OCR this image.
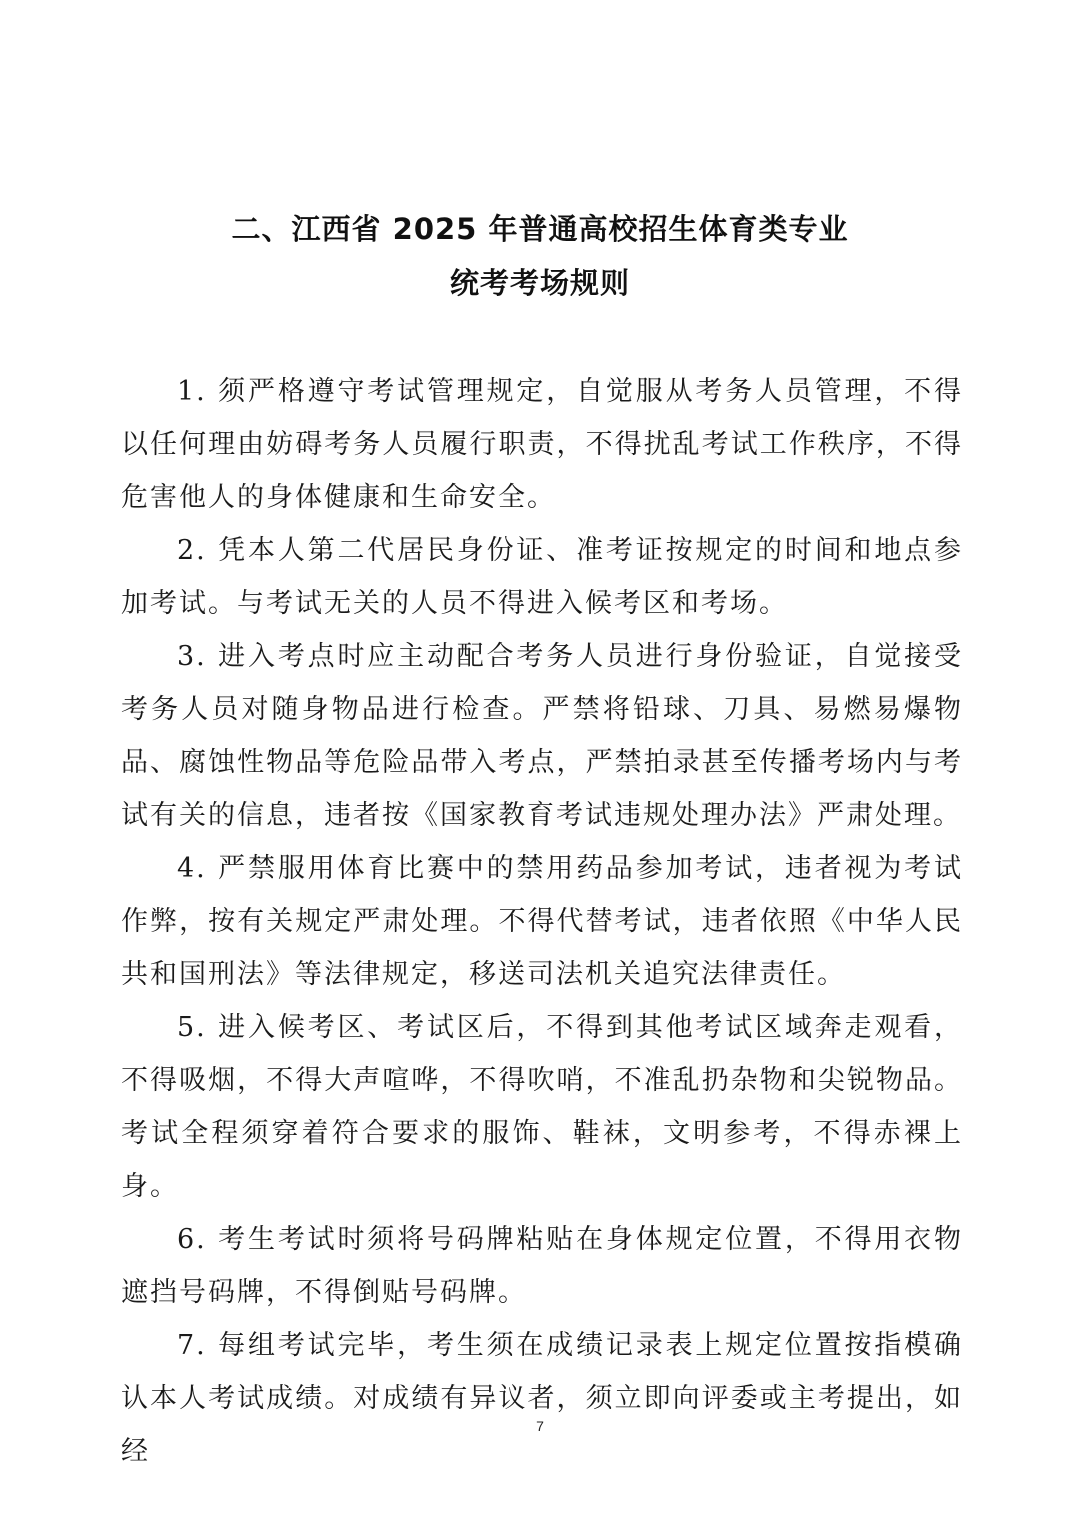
二、江西省 2025 年普通高校招生体育类专业
统考考场规则

1. 须严格遵守考试管理规定，自觉服从考务人员管理，不得以任何理由妨碍考务人员履行职责，不得扰乱考试工作秩序，不得危害他人的身体健康和生命安全。

2. 凭本人第二代居民身份证、准考证按规定的时间和地点参加考试。与考试无关的人员不得进入候考区和考场。

3. 进入考点时应主动配合考务人员进行身份验证，自觉接受考务人员对随身物品进行检查。严禁将铅球、刀具、易燃易爆物品、腐蚀性物品等危险品带入考点，严禁拍录甚至传播考场内与考试有关的信息，违者按《国家教育考试违规处理办法》严肃处理。

4. 严禁服用体育比赛中的禁用药品参加考试，违者视为考试作弊，按有关规定严肃处理。不得代替考试，违者依照《中华人民共和国刑法》等法律规定，移送司法机关追究法律责任。

5. 进入候考区、考试区后，不得到其他考试区域奔走观看，不得吸烟，不得大声喧哗，不得吹哨，不准乱扔杂物和尖锐物品。考试全程须穿着符合要求的服饰、鞋袜，文明参考，不得赤裸上身。

6. 考生考试时须将号码牌粘贴在身体规定位置，不得用衣物遮挡号码牌，不得倒贴号码牌。

7. 每组考试完毕，考生须在成绩记录表上规定位置按指模确认本人考试成绩。对成绩有异议者，须立即向评委或主考提出，如经

7
